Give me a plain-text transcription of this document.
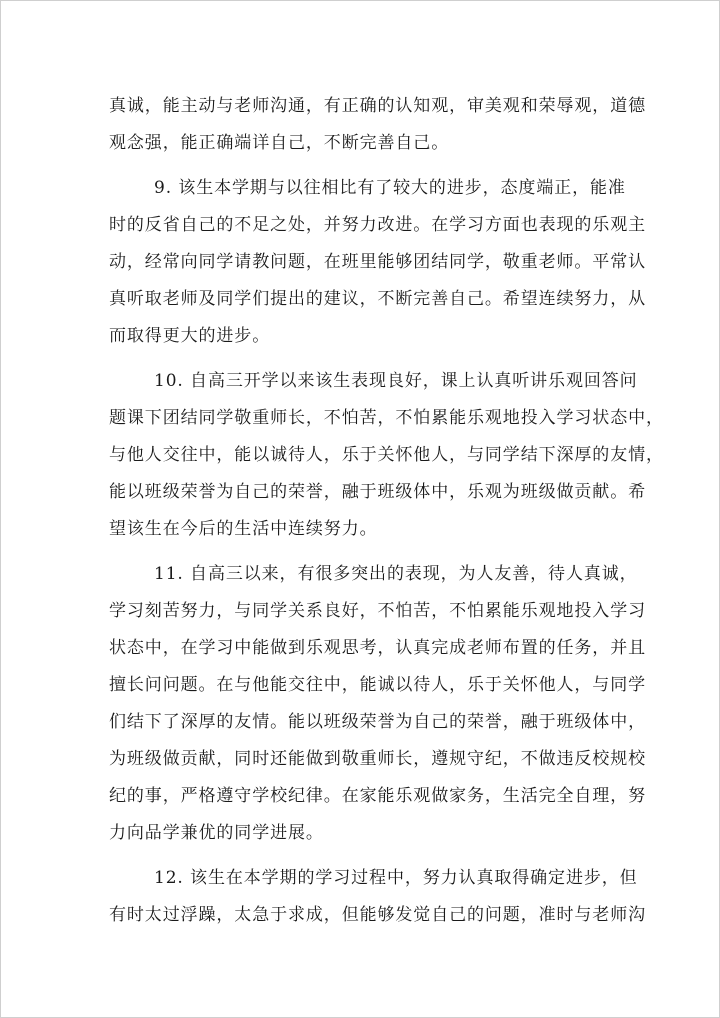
真诚，能主动与老师沟通，有正确的认知观，审美观和荣辱观，道德
观念强，能正确端详自己，不断完善自己。

9. 该生本学期与以往相比有了较大的进步，态度端正，能准
时的反省自己的不足之处，并努力改进。在学习方面也表现的乐观主
动，经常向同学请教问题，在班里能够团结同学，敬重老师。平常认
真听取老师及同学们提出的建议，不断完善自己。希望连续努力，从
而取得更大的进步。

10. 自高三开学以来该生表现良好，课上认真听讲乐观回答问
题课下团结同学敬重师长，不怕苦，不怕累能乐观地投入学习状态中，
与他人交往中，能以诚待人，乐于关怀他人，与同学结下深厚的友情，
能以班级荣誉为自己的荣誉，融于班级体中，乐观为班级做贡献。希
望该生在今后的生活中连续努力。

11. 自高三以来，有很多突出的表现，为人友善，待人真诚，
学习刻苦努力，与同学关系良好，不怕苦，不怕累能乐观地投入学习
状态中，在学习中能做到乐观思考，认真完成老师布置的任务，并且
擅长问问题。在与他能交往中，能诚以待人，乐于关怀他人，与同学
们结下了深厚的友情。能以班级荣誉为自己的荣誉，融于班级体中，
为班级做贡献，同时还能做到敬重师长，遵规守纪，不做违反校规校
纪的事，严格遵守学校纪律。在家能乐观做家务，生活完全自理，努
力向品学兼优的同学进展。

12. 该生在本学期的学习过程中，努力认真取得确定进步，但
有时太过浮躁，太急于求成，但能够发觉自己的问题，准时与老师沟
